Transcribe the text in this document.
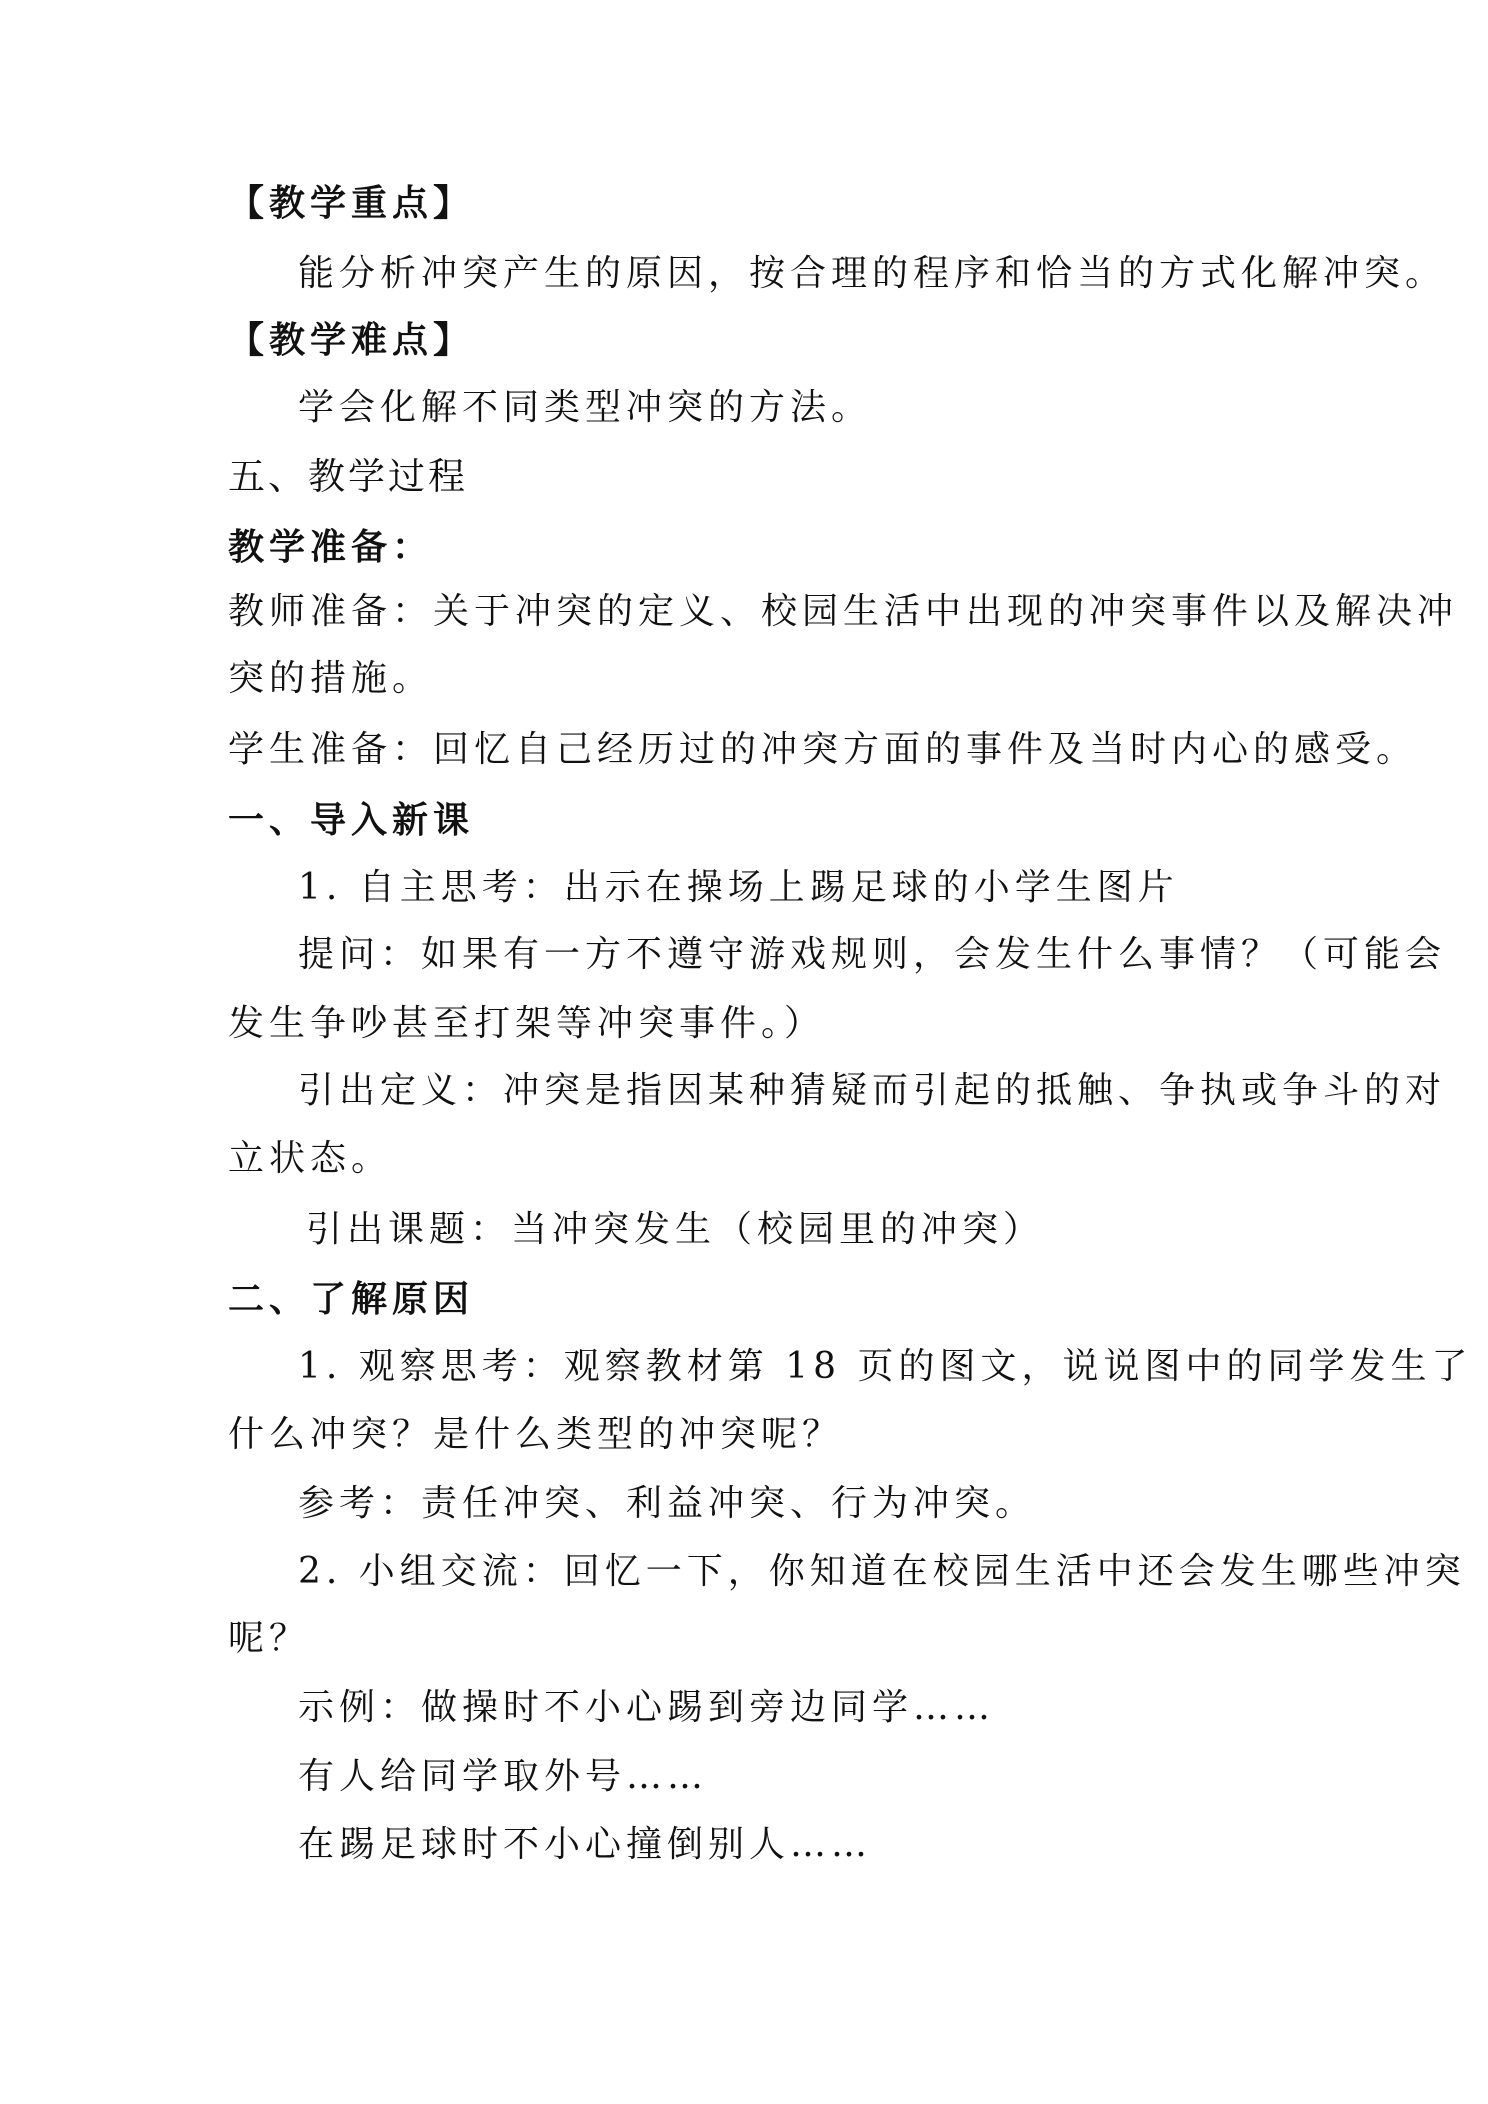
【教学重点】
能分析冲突产生的原因，按合理的程序和恰当的方式化解冲突。
【教学难点】
学会化解不同类型冲突的方法。
五、教学过程
教学准备：
教师准备：关于冲突的定义、校园生活中出现的冲突事件以及解决冲
突的措施。
学生准备：回忆自己经历过的冲突方面的事件及当时内心的感受。
一、导入新课
1. 自主思考：出示在操场上踢足球的小学生图片
提问：如果有一方不遵守游戏规则，会发生什么事情？（可能会
发生争吵甚至打架等冲突事件。）
引出定义：冲突是指因某种猜疑而引起的抵触、争执或争斗的对
立状态。
引出课题：当冲突发生（校园里的冲突）
二、了解原因
1. 观察思考：观察教材第 18 页的图文，说说图中的同学发生了
什么冲突？是什么类型的冲突呢？
参考：责任冲突、利益冲突、行为冲突。
2. 小组交流：回忆一下，你知道在校园生活中还会发生哪些冲突
呢？
示例：做操时不小心踢到旁边同学……
有人给同学取外号……
在踢足球时不小心撞倒别人……
